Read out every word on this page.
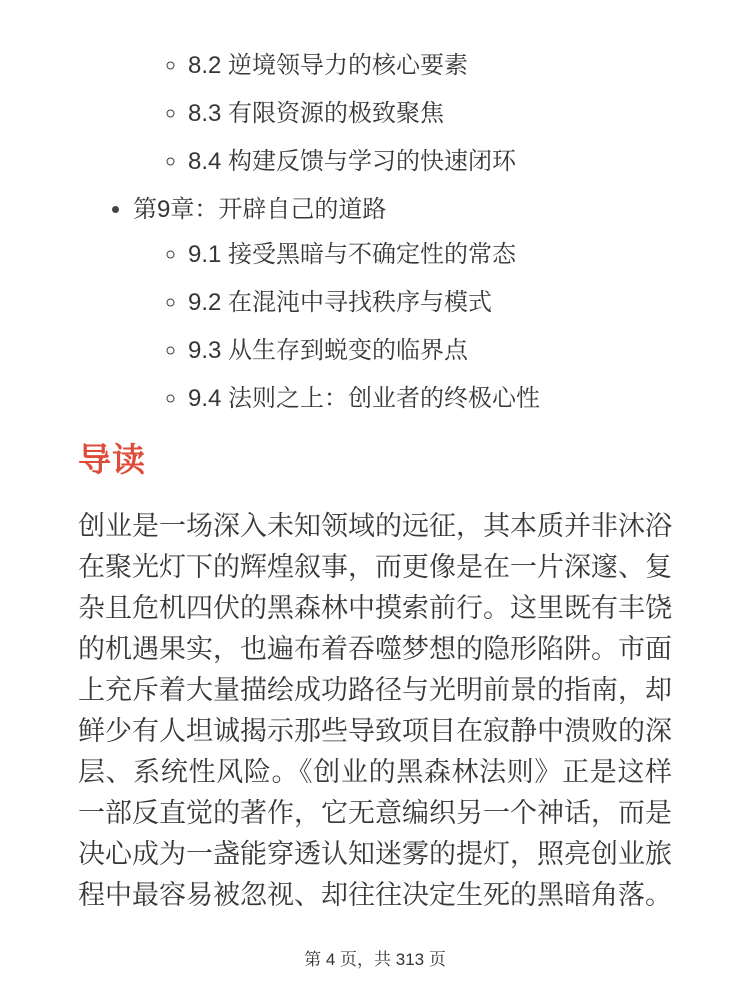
◦ 8.2 逆境领导力的核心要素
◦ 8.3 有限资源的极致聚焦
◦ 8.4 构建反馈与学习的快速闭环
• 第9章：开辟自己的道路
◦ 9.1 接受黑暗与不确定性的常态
◦ 9.2 在混沌中寻找秩序与模式
◦ 9.3 从生存到蜕变的临界点
◦ 9.4 法则之上：创业者的终极心性
导读

创业是一场深入未知领域的远征，其本质并非沐浴在聚光灯下的辉煌叙事，而更像是在一片深邃、复杂且危机四伏的黑森林中摸索前行。这里既有丰饶的机遇果实，也遍布着吞噬梦想的隐形陷阱。市面上充斥着大量描绘成功路径与光明前景的指南，却鲜少有人坦诚揭示那些导致项目在寂静中溃败的深层、系统性风险。《创业的黑森林法则》正是这样一部反直觉的著作，它无意编织另一个神话，而是决心成为一盏能穿透认知迷雾的提灯，照亮创业旅程中最容易被忽视、却往往决定生死的黑暗角落。

第 4 页，共 313 页
